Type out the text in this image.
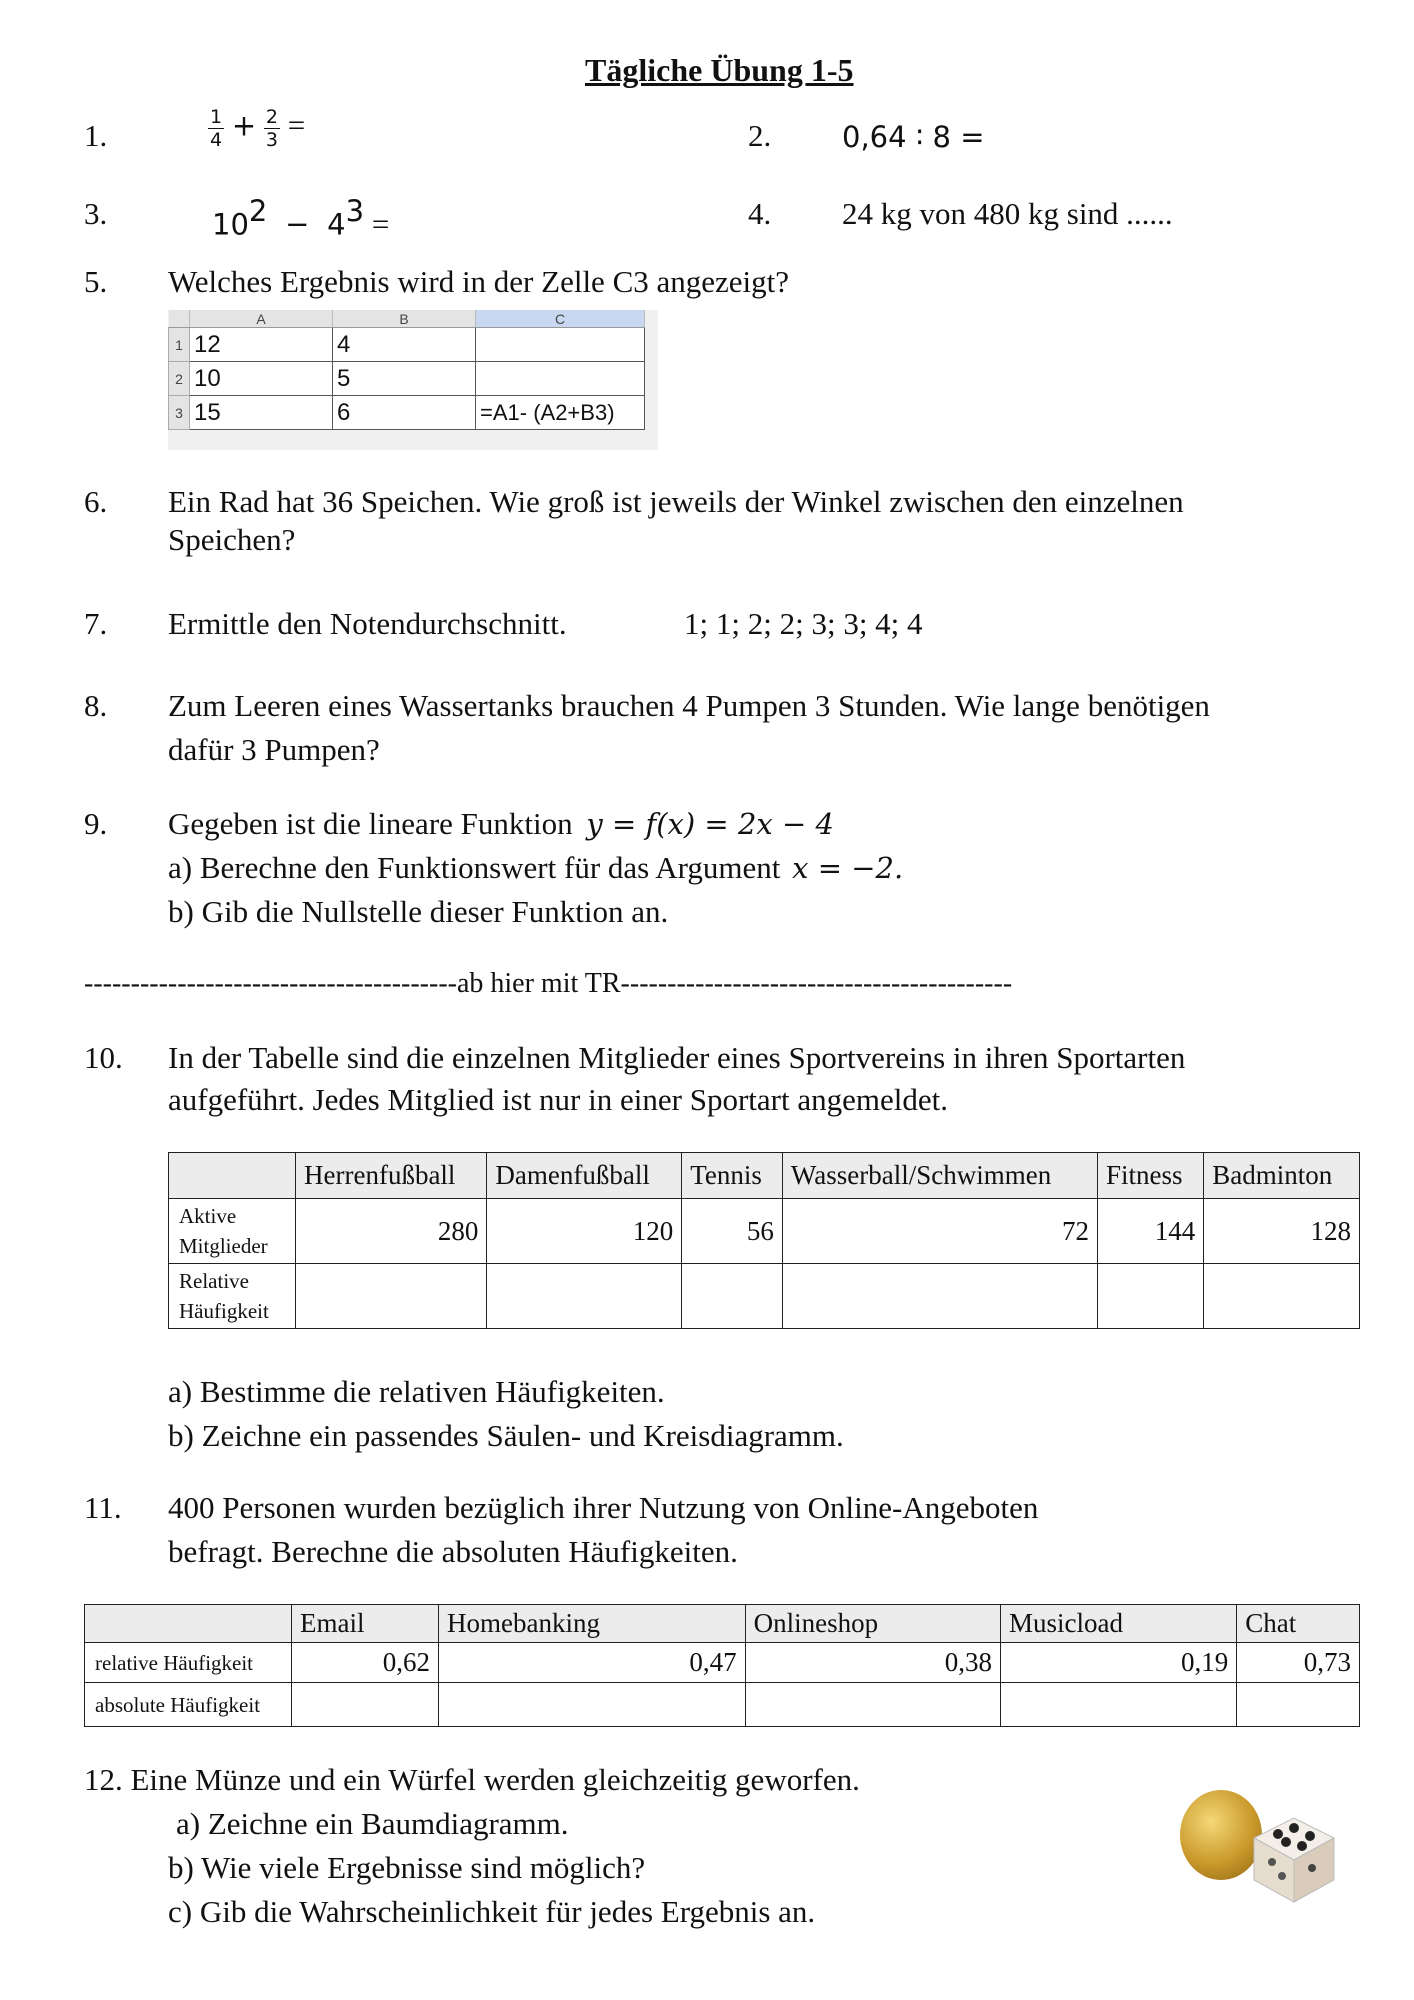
Tägliche Übung 1-5
1.	$\frac{1}{4} + \frac{2}{3}$ =	2. 0,64 ∶ 8 =
3.	$10^2 - 4^3$ =	4. 24 kg von 480 kg sind ......
5. Welches Ergebnis wird in der Zelle C3 angezeigt?
	A	B	C
1	12	4	
2	10	5	
3	15	6	=A1- (A2+B3)
6. Ein Rad hat 36 Speichen. Wie groß ist jeweils der Winkel zwischen den einzelnen
Speichen?
7. Ermittle den Notendurchschnitt.	1; 1; 2; 2; 3; 3; 4; 4
8. Zum Leeren eines Wassertanks brauchen 4 Pumpen 3 Stunden. Wie lange benötigen
dafür 3 Pumpen?
9. Gegeben ist die lineare Funktion y = f(x) = 2x − 4
a) Berechne den Funktionswert für das Argument x = −2.
b) Gib die Nullstelle dieser Funktion an.
----------------------------------------ab hier mit TR------------------------------------------
10. In der Tabelle sind die einzelnen Mitglieder eines Sportvereins in ihren Sportarten
aufgeführt. Jedes Mitglied ist nur in einer Sportart angemeldet.
	Herrenfußball	Damenfußball	Tennis	Wasserball/Schwimmen	Fitness	Badminton
Aktive
Mitglieder	280	120	56	72	144	128
Relative
Häufigkeit						
a) Bestimme die relativen Häufigkeiten.
b) Zeichne ein passendes Säulen- und Kreisdiagramm.
11. 400 Personen wurden bezüglich ihrer Nutzung von Online-Angeboten
befragt. Berechne die absoluten Häufigkeiten.
	Email	Homebanking	Onlineshop	Musicload	Chat
relative Häufigkeit	0,62	0,47	0,38	0,19	0,73
absolute Häufigkeit					
12. Eine Münze und ein Würfel werden gleichzeitig geworfen.
a) Zeichne ein Baumdiagramm.
b) Wie viele Ergebnisse sind möglich?
c) Gib die Wahrscheinlichkeit für jedes Ergebnis an.
